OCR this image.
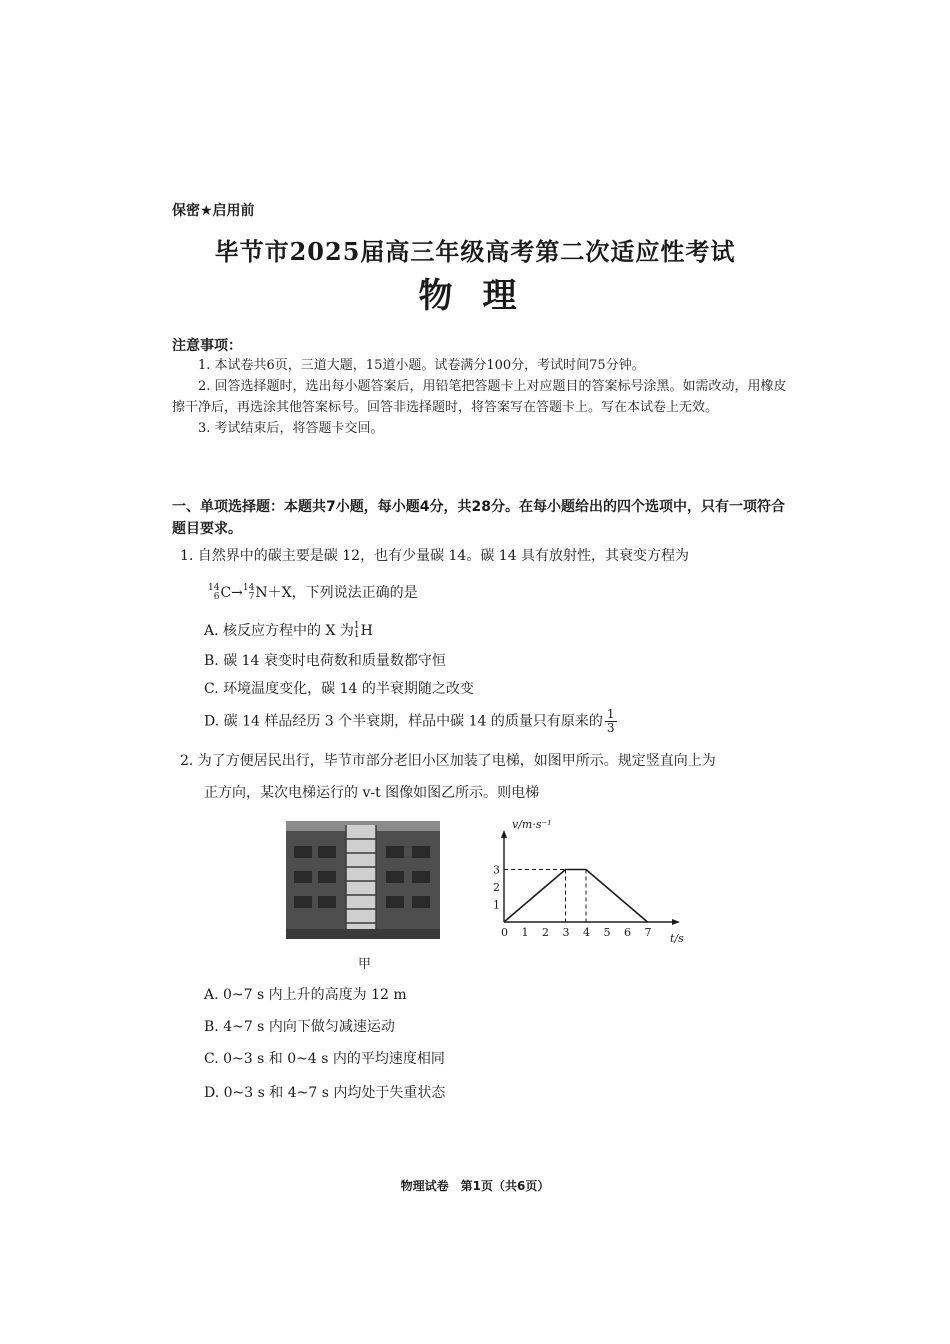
保密★启用前
毕节市2025届高三年级高考第二次适应性考试
物理
注意事项：

1. 本试卷共6页，三道大题，15道小题。试卷满分100分，考试时间75分钟。

2. 回答选择题时，选出每小题答案后，用铅笔把答题卡上对应题目的答案标号涂黑。如需改动，用橡皮擦干净后，再选涂其他答案标号。回答非选择题时，将答案写在答题卡上。写在本试卷上无效。

3. 考试结束后，将答题卡交回。

一、单项选择题：本题共7小题，每小题4分，共28分。在每小题给出的四个选项中，只有一项符合题目要求。
1. 自然界中的碳主要是碳 12，也有少量碳 14。碳 14 具有放射性，其衰变方程为
14
6C→14
7N＋X，下列说法正确的是
A. 核反应方程中的 X 为1
1H
B. 碳 14 衰变时电荷数和质量数都守恒
C. 环境温度变化，碳 14 的半衰期随之改变
D. 碳 14 样品经历 3 个半衰期，样品中碳 14 的质量只有原来的 $\frac{1}{3}$
2. 为了方便居民出行，毕节市部分老旧小区加装了电梯，如图甲所示。规定竖直向上为
正方向，某次电梯运行的 v-t 图像如图乙所示。则电梯
甲
0 1 2 3 4 5 6 7
1
2
3
v/m·s⁻¹
t/s
A. 0~7 s 内上升的高度为 12 m
B. 4~7 s 内向下做匀减速运动
C. 0~3 s 和 0~4 s 内的平均速度相同
D. 0~3 s 和 4~7 s 内均处于失重状态
物理试卷　第1页（共6页）
